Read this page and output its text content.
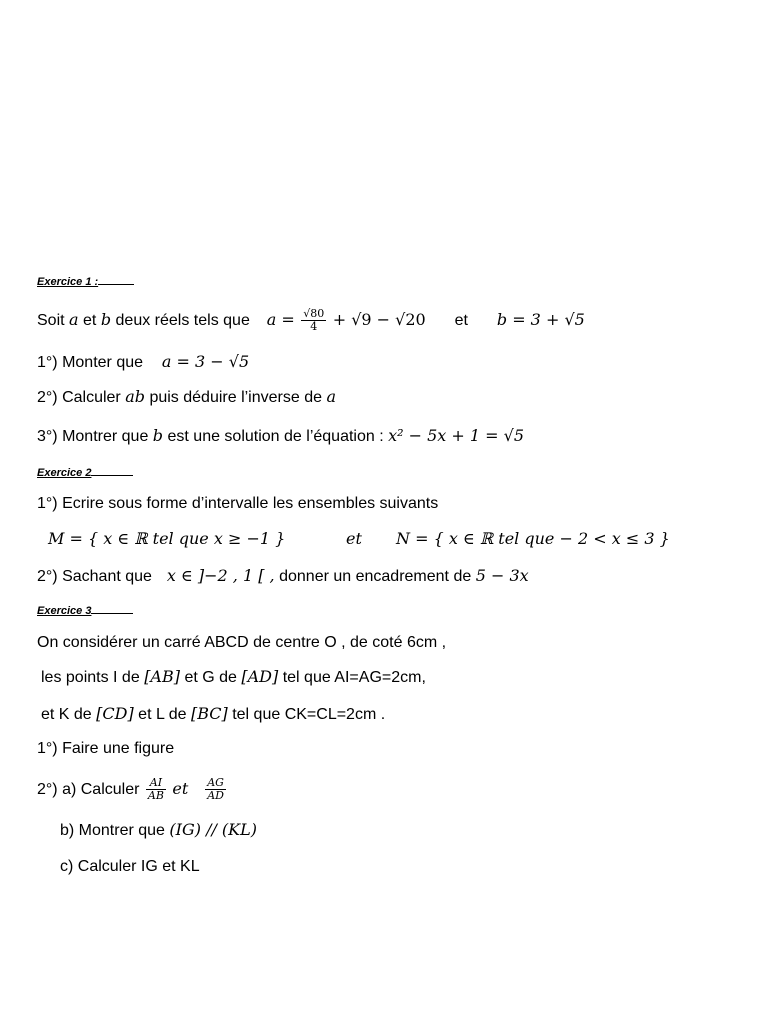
Exercice 1 :
Soit a et b deux réels tels que $a = \frac{√80}{4} + √9 - √20$ et b = 3 + √5
1°) Monter que a = 3 − √5
2°) Calculer ab puis déduire l’inverse de a
3°) Montrer que b est une solution de l’équation : x² − 5x + 1 = √5
Exercice 2
1°) Ecrire sous forme d’intervalle les ensembles suivants
M = { x ∈ ℝ tel que x ≥ −1 }	et N = { x ∈ ℝ tel que − 2 < x ≤ 3 }
2°) Sachant que x ∈ ]−2 , 1 [ , donner un encadrement de 5 − 3x
Exercice 3
On considérer un carré ABCD de centre O , de coté 6cm ,
les points I de [AB] et G de [AD] tel que AI=AG=2cm,
et K de [CD] et L de [BC] tel que CK=CL=2cm .
1°) Faire une figure
2°) a) Calculer $\frac{AI}{AB}$ et $\frac{AG}{AD}$
b) Montrer que (IG) // (KL)
c) Calculer IG et KL
